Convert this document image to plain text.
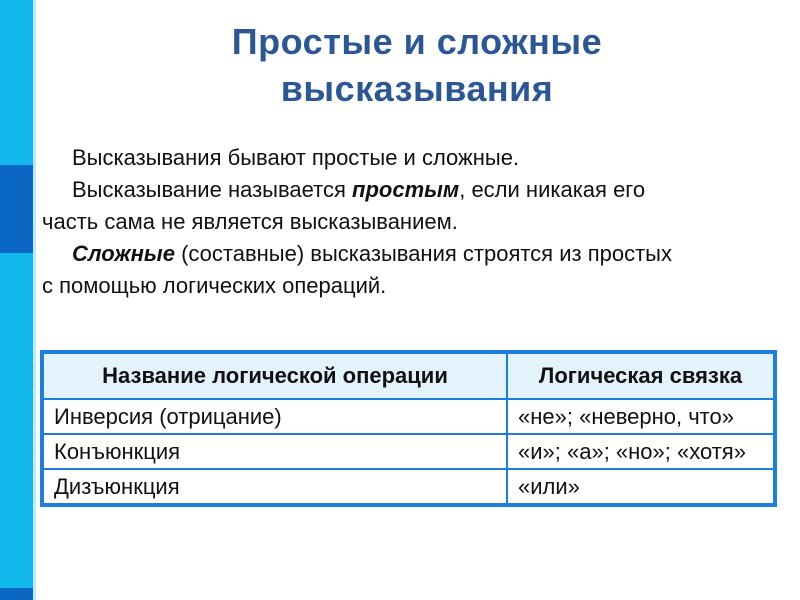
Простые и сложные
высказывания

Высказывания бывают простые и сложные.

Высказывание называется простым, если никакая его
часть сама не является высказыванием.

Сложные (составные) высказывания строятся из простых
с помощью логических операций.

Название логической операции	Логическая связка
Инверсия (отрицание)	«не»; «неверно, что»
Конъюнкция	«и»; «а»; «но»; «хотя»
Дизъюнкция	«или»
